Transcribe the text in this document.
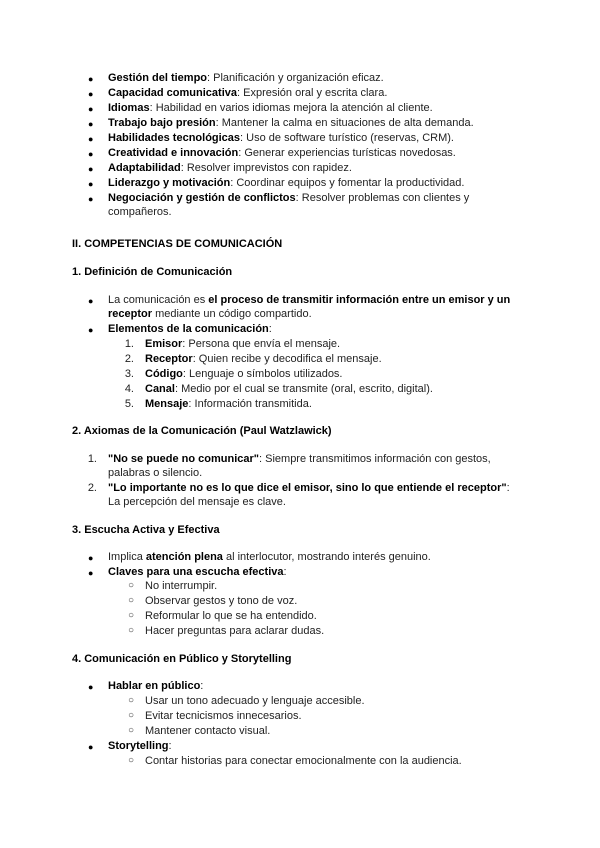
● Gestión del tiempo: Planificación y organización eficaz.
● Capacidad comunicativa: Expresión oral y escrita clara.
● Idiomas: Habilidad en varios idiomas mejora la atención al cliente.
● Trabajo bajo presión: Mantener la calma en situaciones de alta demanda.
● Habilidades tecnológicas: Uso de software turístico (reservas, CRM).
● Creatividad e innovación: Generar experiencias turísticas novedosas.
● Adaptabilidad: Resolver imprevistos con rapidez.
● Liderazgo y motivación: Coordinar equipos y fomentar la productividad.
● Negociación y gestión de conflictos: Resolver problemas con clientes y
compañeros.
II. COMPETENCIAS DE COMUNICACIÓN
1. Definición de Comunicación
● La comunicación es el proceso de transmitir información entre un emisor y un
receptor mediante un código compartido.
● Elementos de la comunicación:
1. Emisor: Persona que envía el mensaje.
2. Receptor: Quien recibe y decodifica el mensaje.
3. Código: Lenguaje o símbolos utilizados.
4. Canal: Medio por el cual se transmite (oral, escrito, digital).
5. Mensaje: Información transmitida.
2. Axiomas de la Comunicación (Paul Watzlawick)
1. "No se puede no comunicar": Siempre transmitimos información con gestos,
palabras o silencio.
2. "Lo importante no es lo que dice el emisor, sino lo que entiende el receptor":
La percepción del mensaje es clave.
3. Escucha Activa y Efectiva
● Implica atención plena al interlocutor, mostrando interés genuino.
● Claves para una escucha efectiva:
○ No interrumpir.
○ Observar gestos y tono de voz.
○ Reformular lo que se ha entendido.
○ Hacer preguntas para aclarar dudas.
4. Comunicación en Público y Storytelling
● Hablar en público:
○ Usar un tono adecuado y lenguaje accesible.
○ Evitar tecnicismos innecesarios.
○ Mantener contacto visual.
● Storytelling:
○ Contar historias para conectar emocionalmente con la audiencia.
